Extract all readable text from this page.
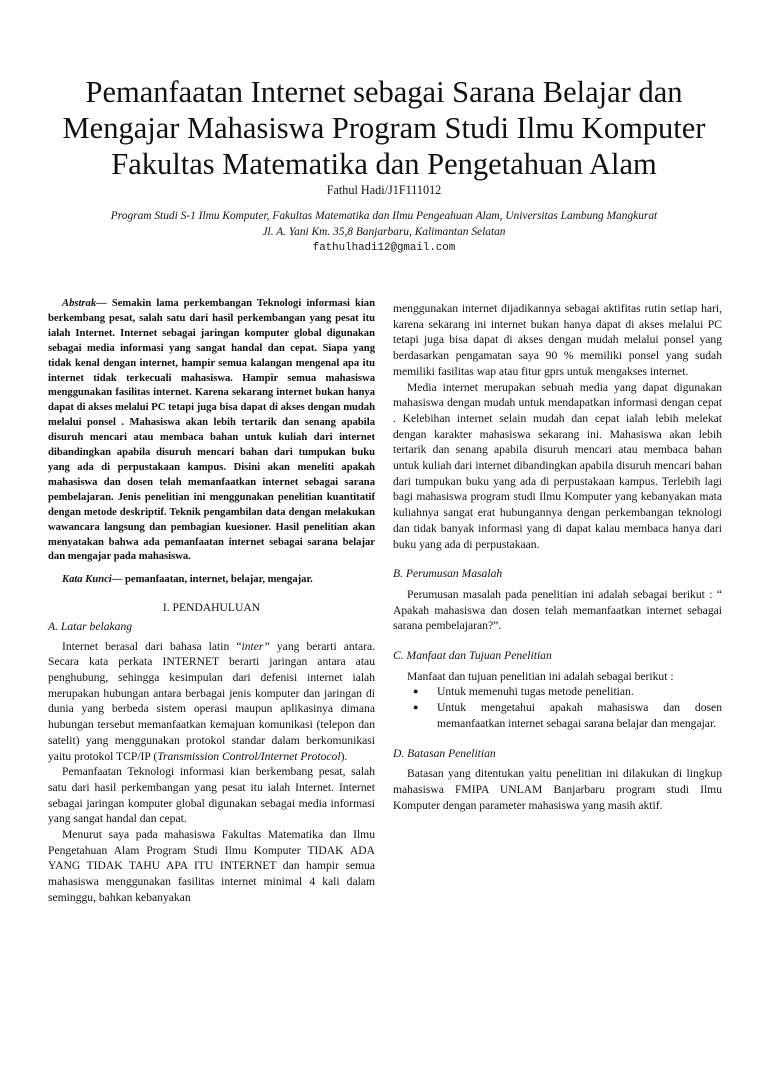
Pemanfaatan Internet sebagai Sarana Belajar dan
Mengajar Mahasiswa Program Studi Ilmu Komputer
Fakultas Matematika dan Pengetahuan Alam
Fathul Hadi/J1F111012
Program Studi S-1 Ilmu Komputer, Fakultas Matematika dan Ilmu Pengeahuan Alam, Universitas Lambung Mangkurat
Jl. A. Yani Km. 35,8 Banjarbaru, Kalimantan Selatan
fathulhadi12@gmail.com

Abstrak— Semakin lama perkembangan Teknologi informasi kian berkembang pesat, salah satu dari hasil perkembangan yang pesat itu ialah Internet. Internet sebagai jaringan komputer global digunakan sebagai media informasi yang sangat handal dan cepat. Siapa yang tidak kenal dengan internet, hampir semua kalangan mengenal apa itu internet tidak terkecuali mahasiswa. Hampir semua mahasiswa menggunakan fasilitas internet. Karena sekarang internet bukan hanya dapat di akses melalui PC tetapi juga bisa dapat di akses dengan mudah melalui ponsel . Mahasiswa akan lebih tertarik dan senang apabila disuruh mencari atau membaca bahan untuk kuliah dari internet dibandingkan apabila disuruh mencari bahan dari tumpukan buku yang ada di perpustakaan kampus. Disini akan meneliti apakah mahasiswa dan dosen telah memanfaatkan internet sebagai sarana pembelajaran. Jenis penelitian ini menggunakan penelitian kuantitatif dengan metode deskriptif. Teknik pengambilan data dengan melakukan wawancara langsung dan pembagian kuesioner. Hasil penelitian akan menyatakan bahwa ada pemanfaatan internet sebagai sarana belajar dan mengajar pada mahasiswa.

Kata Kunci— pemanfaatan, internet, belajar, mengajar.

I. PENDAHULUAN
A. Latar belakang

Internet berasal dari bahasa latin “inter” yang berarti antara. Secara kata perkata INTERNET berarti jaringan antara atau penghubung, sehingga kesimpulan dari defenisi internet ialah merupakan hubungan antara berbagai jenis komputer dan jaringan di dunia yang berbeda sistem operasi maupun aplikasinya dimana hubungan tersebut memanfaatkan kemajuan komunikasi (telepon dan satelit) yang menggunakan protokol standar dalam berkomunikasi yaitu protokol TCP/IP (Transmission Control/Internet Protocol).

Pemanfaatan Teknologi informasi kian berkembang pesat, salah satu dari hasil perkembangan yang pesat itu ialah Internet. Internet sebagai jaringan komputer global digunakan sebagai media informasi yang sangat handal dan cepat.

Menurut saya pada mahasiswa Fakultas Matematika dan Ilmu Pengetahuan Alam Program Studi Ilmu Komputer TIDAK ADA YANG TIDAK TAHU APA ITU INTERNET dan hampir semua mahasiswa menggunakan fasilitas internet minimal 4 kali dalam seminggu, bahkan kebanyakan

menggunakan internet dijadikannya sebagai aktifitas rutin setiap hari, karena sekarang ini internet bukan hanya dapat di akses melalui PC tetapi juga bisa dapat di akses dengan mudah melalui ponsel yang berdasarkan pengamatan saya 90 % memiliki ponsel yang sudah memiliki fasilitas wap atau fitur gprs untuk mengakses internet.

Media internet merupakan sebuah media yang dapat digunakan mahasiswa dengan mudah untuk mendapatkan informasi dengan cepat . Kelebihan internet selain mudah dan cepat ialah lebih melekat dengan karakter mahasiswa sekarang ini. Mahasiswa akan lebih tertarik dan senang apabila disuruh mencari atau membaca bahan untuk kuliah dari internet dibandingkan apabila disuruh mencari bahan dari tumpukan buku yang ada di perpustakaan kampus. Terlebih lagi bagi mahasiswa program studi Ilmu Komputer yang kebanyakan mata kuliahnya sangat erat hubungannya dengan perkembangan teknologi dan tidak banyak informasi yang di dapat kalau membaca hanya dari buku yang ada di perpustakaan.

B. Perumusan Masalah

Perumusan masalah pada penelitian ini adalah sebagai berikut : “ Apakah mahasiswa dan dosen telah memanfaatkan internet sebagai sarana pembelajaran?”.

C. Manfaat dan Tujuan Penelitian

Manfaat dan tujuan penelitian ini adalah sebagai berikut :

● Untuk memenuhi tugas metode penelitian.
● Untuk mengetahui apakah mahasiswa dan dosen memanfaatkan internet sebagai sarana belajar dan mengajar.
D. Batasan Penelitian

Batasan yang ditentukan yaitu penelitian ini dilakukan di lingkup mahasiswa FMIPA UNLAM Banjarbaru program studi Ilmu Komputer dengan parameter mahasiswa yang masih aktif.
